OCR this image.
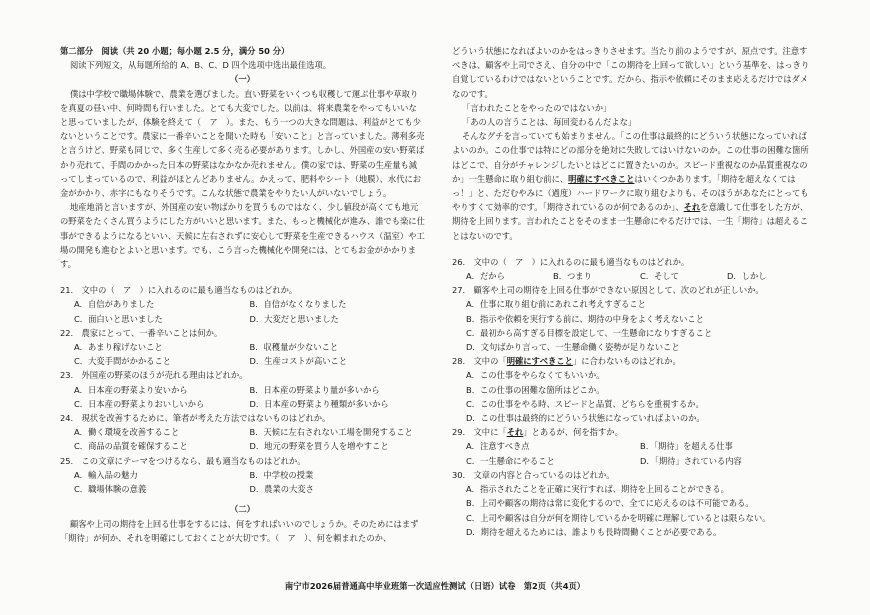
第二部分　阅读（共 20 小题；每小题 2.5 分，满分 50 分）

阅读下列短文，从每题所给的 A、B、C、D 四个选项中选出最佳选项。

（一）

僕は中学校で職場体験で、農業を選びました。直い野菜をいくつも収穫して運ぶ仕事や草取りを真夏の昼い中、何時間も行いました。とても大変でした。以前は、将来農業をやってもいいなと思っていましたが、体験を終えて（　ア　）。また、もう一つの大きな問題は、利益がとても少ないということです。農家に一番辛いことを聞いた時も「安いこと」と言っていました。薄利多売と言うけど、野菜も同じで、多く生産して多く売る必要があります。しかし、外国産の安い野菜ばかり売れて、手間のかかった日本の野菜はなかなか売れません。僕の家では、野菜の生産量も減ってしまっているので、利益がほとんどありません。かえって、肥料やシート（地膜）、水代にお金がかかり、赤字にもなりそうです。こんな状態で農業をやりたい人がいないでしょう。

地産地消と言いますが、外国産の安い物ばかりを買うものではなく、少し値段が高くても地元の野菜をたくさん買うようにした方がいいと思います。また、もっと機械化が進み、誰でも楽に仕事ができるようになるといい、天候に左右されずに安心して野菜を生産できるハウス（温室）や工場の開発も進むとよいと思います。でも、こう言った機械化や開発には、とてもお金がかかります。

21.　文中の（　ア　）に入れるのに最も適当なものはどれか。

A．自信がありました	B．自信がなくなりました
C．面白いと思いました	D．大変だと思いました

22.　農家にとって、一番辛いことは何か。

A．あまり稼げないこと	B．収穫量が少ないこと
C．大変手間がかかること	D．生産コストが高いこと

23.　外国産の野菜のほうが売れる理由はどれか。

A．日本産の野菜より安いから	B．日本産の野菜より量が多いから
C．日本産の野菜よりおいしいから	D．日本産の野菜より種類が多いから

24.　現状を改善するために、筆者が考えた方法ではないものはどれか。

A．働く環境を改善すること	B．天候に左右されない工場を開発すること
C．商品の品質を確保すること	D．地元の野菜を買う人を増やすこと

25.　この文章にテーマをつけるなら、最も適当なものはどれか。

A．輸入品の魅力	B．中学校の授業
C．職場体験の意義	D．農業の大変さ

（二）

顧客や上司の期待を上回る仕事をするには、何をすればいいのでしょうか。そのためにはまず「期待」が何か、それを明確にしておくことが大切です。（　ア　）、何を頼まれたのか、

どういう状態になればよいのかをはっきりさせます。当たり前のようですが、原点です。注意すべきは、顧客や上司でさえ、自分の中で「この期待を上回って欲しい」という基準を、はっきり自覚しているわけではないということです。だから、指示や依頼にそのまま応えるだけではダメなのです。

「言われたことをやったのではないか」

「あの人の言うことは、毎回変わるんだよな」

そんなグチを言っていても始まりません。「この仕事は最終的にどういう状態になっていればよいのか。この仕事では特にどの部分を絶対に失敗してはいけないのか。この仕事の困難な箇所はどこで、自分がチャレンジしたいとはどこに置きたいのか。スピード重視なのか品質重視なのか」一生懸命に取り組む前に、明確にすべきことはいくつかあります。「期待を超えなくてはっ！」と、ただむやみに（過度）ハードワークに取り組むよりも、そのほうがあなたにとってもやりすくて効率的です。「期待されているのが何であるのか」、それを意識して仕事をした方が、期待を上回ります。言われたことをそのまま一生懸命にやるだけでは、一生「期待」は超えることはないのです。

26.　文中の（　ア　）に入れるのに最も適当なものはどれか。

A．だから	B．つまり	C．そして	D．しかし

27.　顧客や上司の期待を上回る仕事ができない原因として、次のどれが正しいか。

A．仕事に取り組む前にあれこれ考えすぎること

B．指示や依頼を実行する前に、期待の中身をよく考えないこと

C．最初から高すぎる目標を設定して、一生懸命になりすぎること

D．文句ばかり言って、一生懸命働く姿勢が足りないこと

28.　文中の「明確にすべきこと」に合わないものはどれか。

A．この仕事をやらなくてもいいか。

B．この仕事の困難な箇所はどこか。

C．この仕事をやる時、スピードと品質、どちらを重視するか。

D．この仕事は最終的にどういう状態になっていればよいのか。

29.　文中に「それ」とあるが、何を指すか。

A．注意すべき点	B．「期待」を超える仕事
C．一生懸命にやること	D．「期待」されている内容

30.　文章の内容と合っているのはどれか。

A．指示されたことを正確に実行すれば、期待を上回ることができる。

B．上司や顧客の期待は常に変化するので、全てに応えるのは不可能である。

C．上司や顧客は自分が何を期待しているかを明確に理解しているとは限らない。

D．期待を超えるためには、誰よりも長時間働くことが必要である。

南宁市2026届普通高中毕业班第一次适应性测试（日语）试卷　第2页（共4页）
